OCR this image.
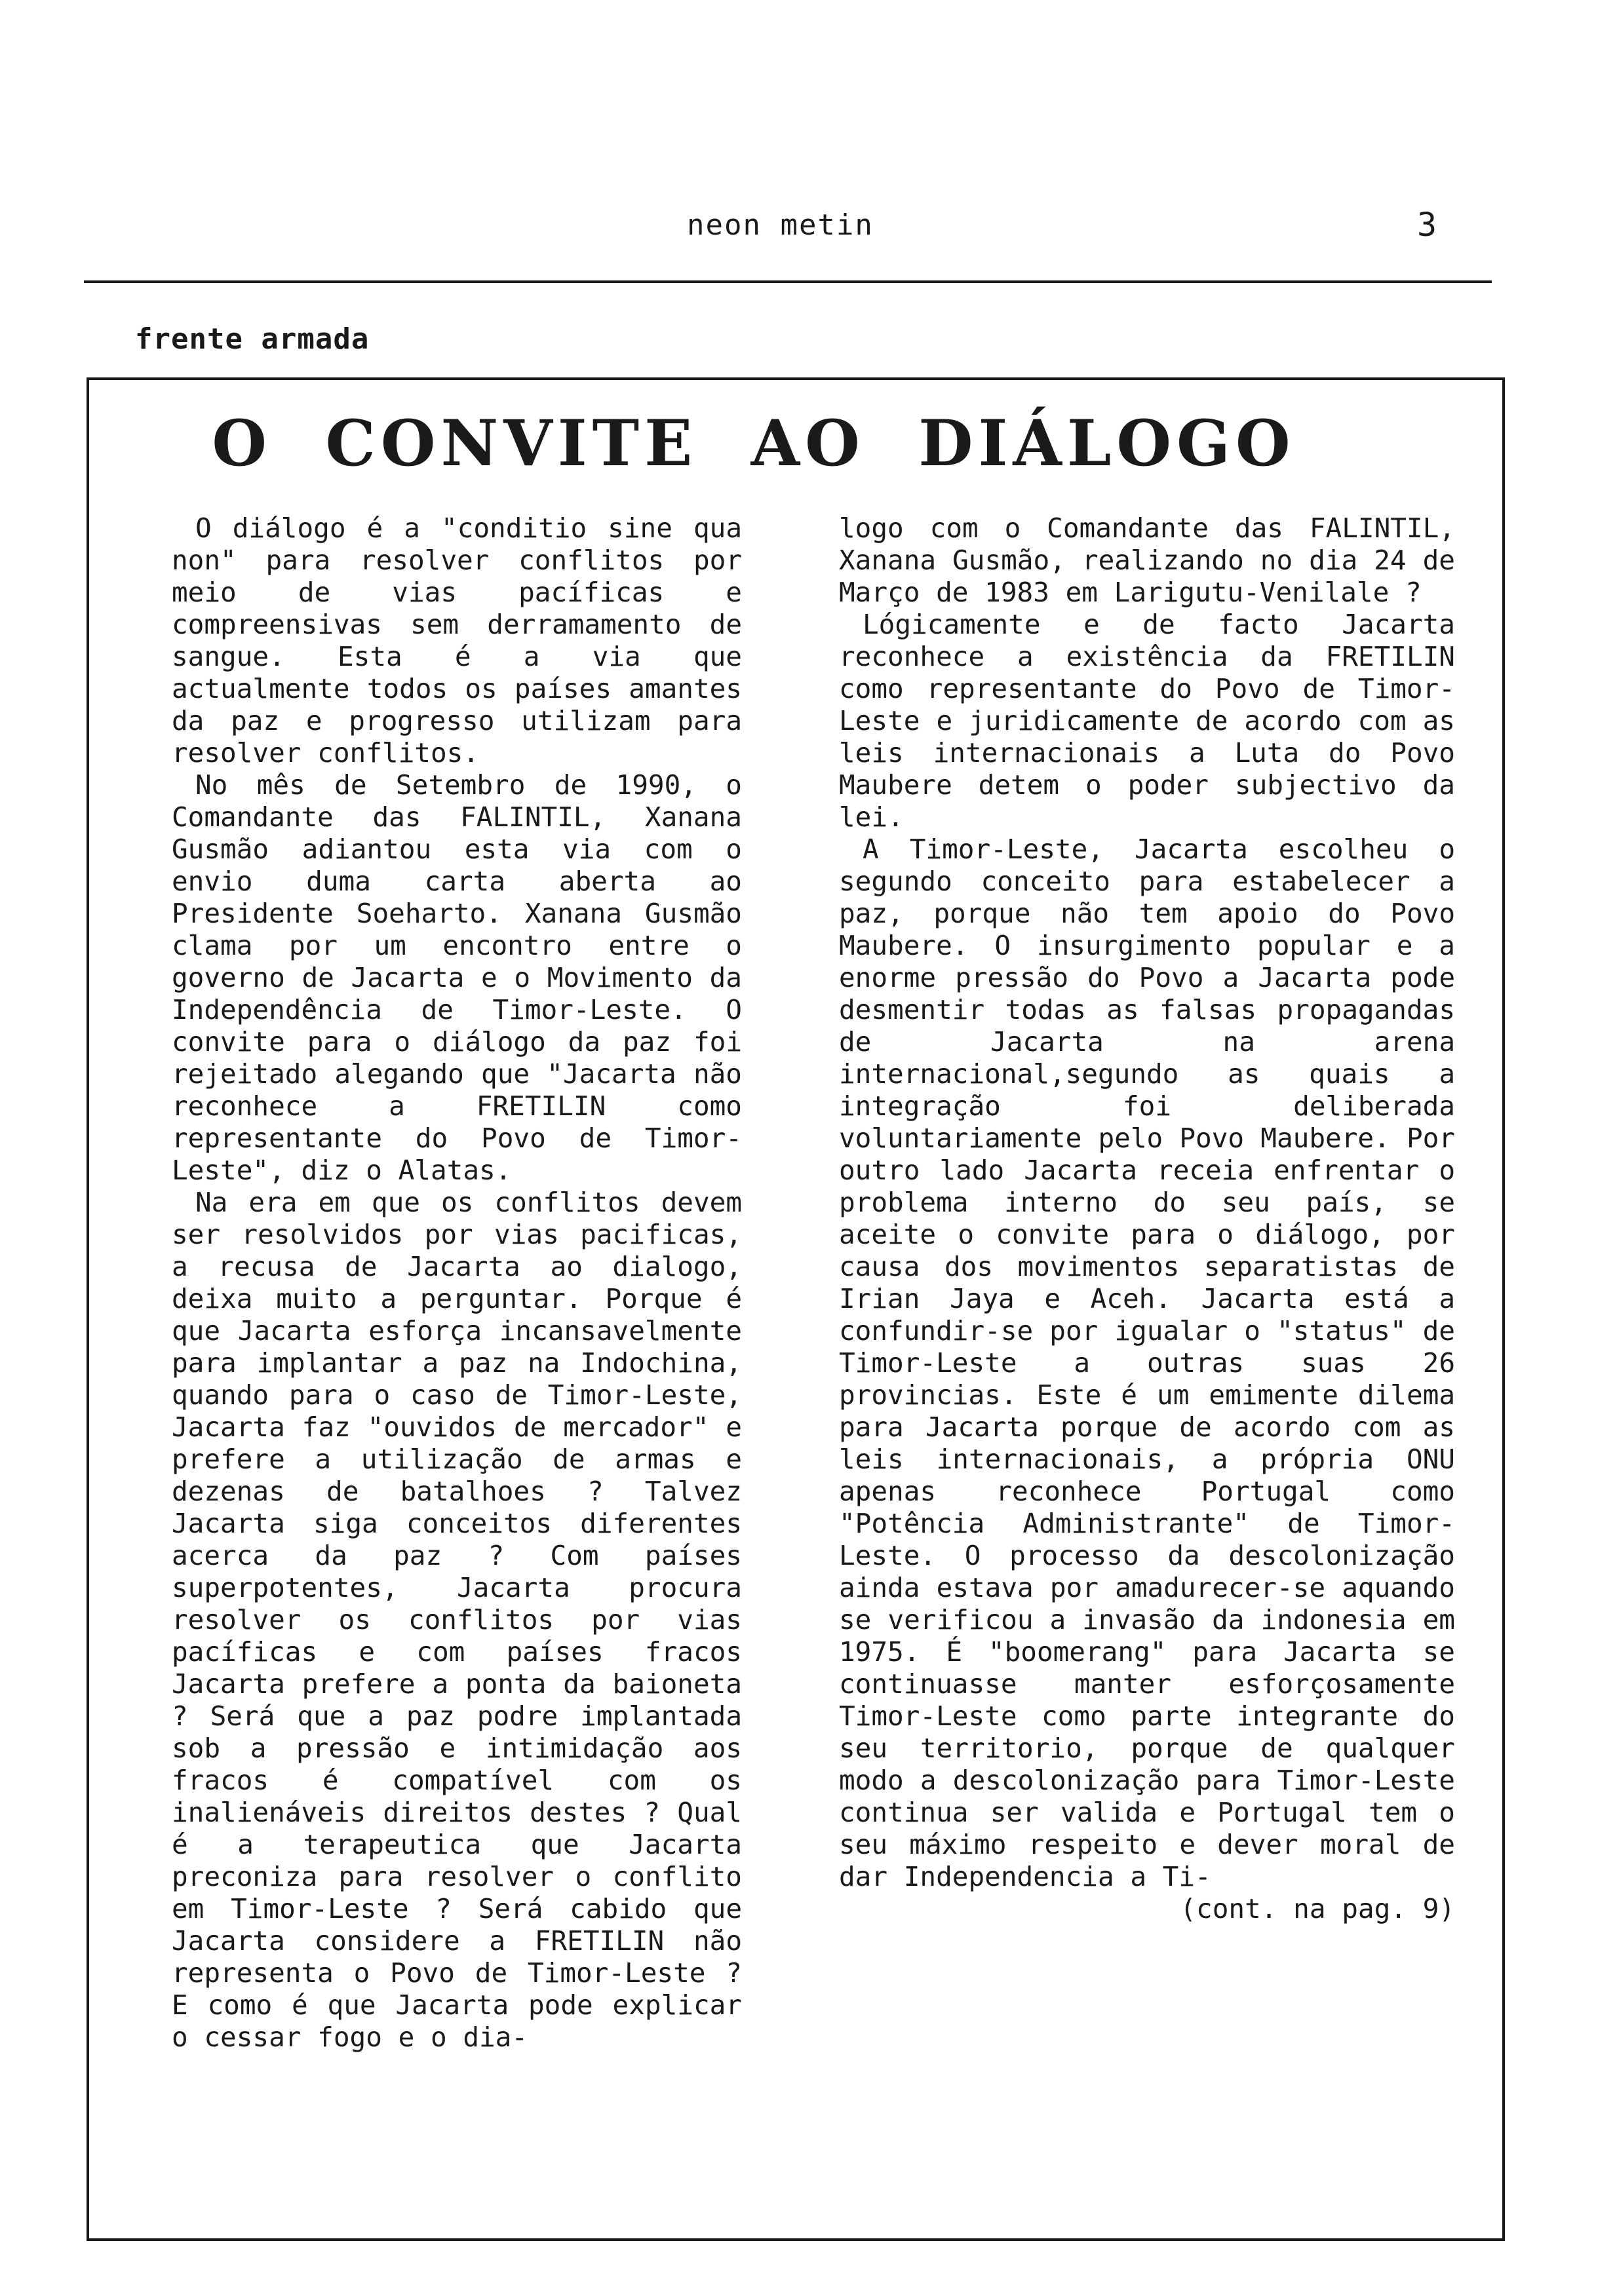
neon metin	3
frente armada
O CONVITE AO DIÁLOGO

O diálogo é a "conditio sine qua non" para resolver conflitos por meio de vias pacíficas e compreensivas sem derramamento de sangue. Esta é a via que actualmente todos os países amantes da paz e progresso utilizam para resolver conflitos.

No mês de Setembro de 1990, o Comandante das FALINTIL, Xanana Gusmão adiantou esta via com o envio duma carta aberta ao Presidente Soeharto. Xanana Gusmão clama por um encontro entre o governo de Jacarta e o Movimento da Independência de Timor-Leste. O convite para o diálogo da paz foi rejeitado alegando que "Jacarta não reconhece a FRETILIN como representante do Povo de Timor-Leste", diz o Alatas.

Na era em que os conflitos devem ser resolvidos por vias pacificas, a recusa de Jacarta ao dialogo, deixa muito a perguntar. Porque é que Jacarta esforça incansavelmente para implantar a paz na Indochina, quando para o caso de Timor-Leste, Jacarta faz "ouvidos de mercador" e prefere a utilização de armas e dezenas de batalhoes ? Talvez Jacarta siga conceitos diferentes acerca da paz ? Com países superpotentes, Jacarta procura resolver os conflitos por vias pacíficas e com países fracos Jacarta prefere a ponta da baioneta ? Será que a paz podre implantada sob a pressão e intimidação aos fracos é compatível com os inalienáveis direitos destes ? Qual é a terapeutica que Jacarta preconiza para resolver o conflito em Timor-Leste ? Será cabido que Jacarta considere a FRETILIN não representa o Povo de Timor-Leste ? E como é que Jacarta pode explicar o cessar fogo e o dia-

logo com o Comandante das FALINTIL, Xanana Gusmão, realizando no dia 24 de Março de 1983 em Larigutu-Venilale ?

Lógicamente e de facto Jacarta reconhece a existência da FRETILIN como representante do Povo de Timor-Leste e juridicamente de acordo com as leis internacionais a Luta do Povo Maubere detem o poder subjectivo da lei.

A Timor-Leste, Jacarta escolheu o segundo conceito para estabelecer a paz, porque não tem apoio do Povo Maubere. O insurgimento popular e a enorme pressão do Povo a Jacarta pode desmentir todas as falsas propagandas de Jacarta na arena internacional,segundo as quais a integração foi deliberada voluntariamente pelo Povo Maubere. Por outro lado Jacarta receia enfrentar o problema interno do seu país, se aceite o convite para o diálogo, por causa dos movimentos separatistas de Irian Jaya e Aceh. Jacarta está a confundir-se por igualar o "status" de Timor-Leste a outras suas 26 provincias. Este é um emimente dilema para Jacarta porque de acordo com as leis internacionais, a própria ONU apenas reconhece Portugal como "Potência Administrante" de Timor-Leste. O processo da descolonização ainda estava por amadurecer-se aquando se verificou a invasão da indonesia em 1975. É "boomerang" para Jacarta se continuasse manter esforçosamente Timor-Leste como parte integrante do seu territorio, porque de qualquer modo a descolonização para Timor-Leste continua ser valida e Portugal tem o seu máximo respeito e dever moral de dar Independencia a Ti-

(cont. na pag. 9)
